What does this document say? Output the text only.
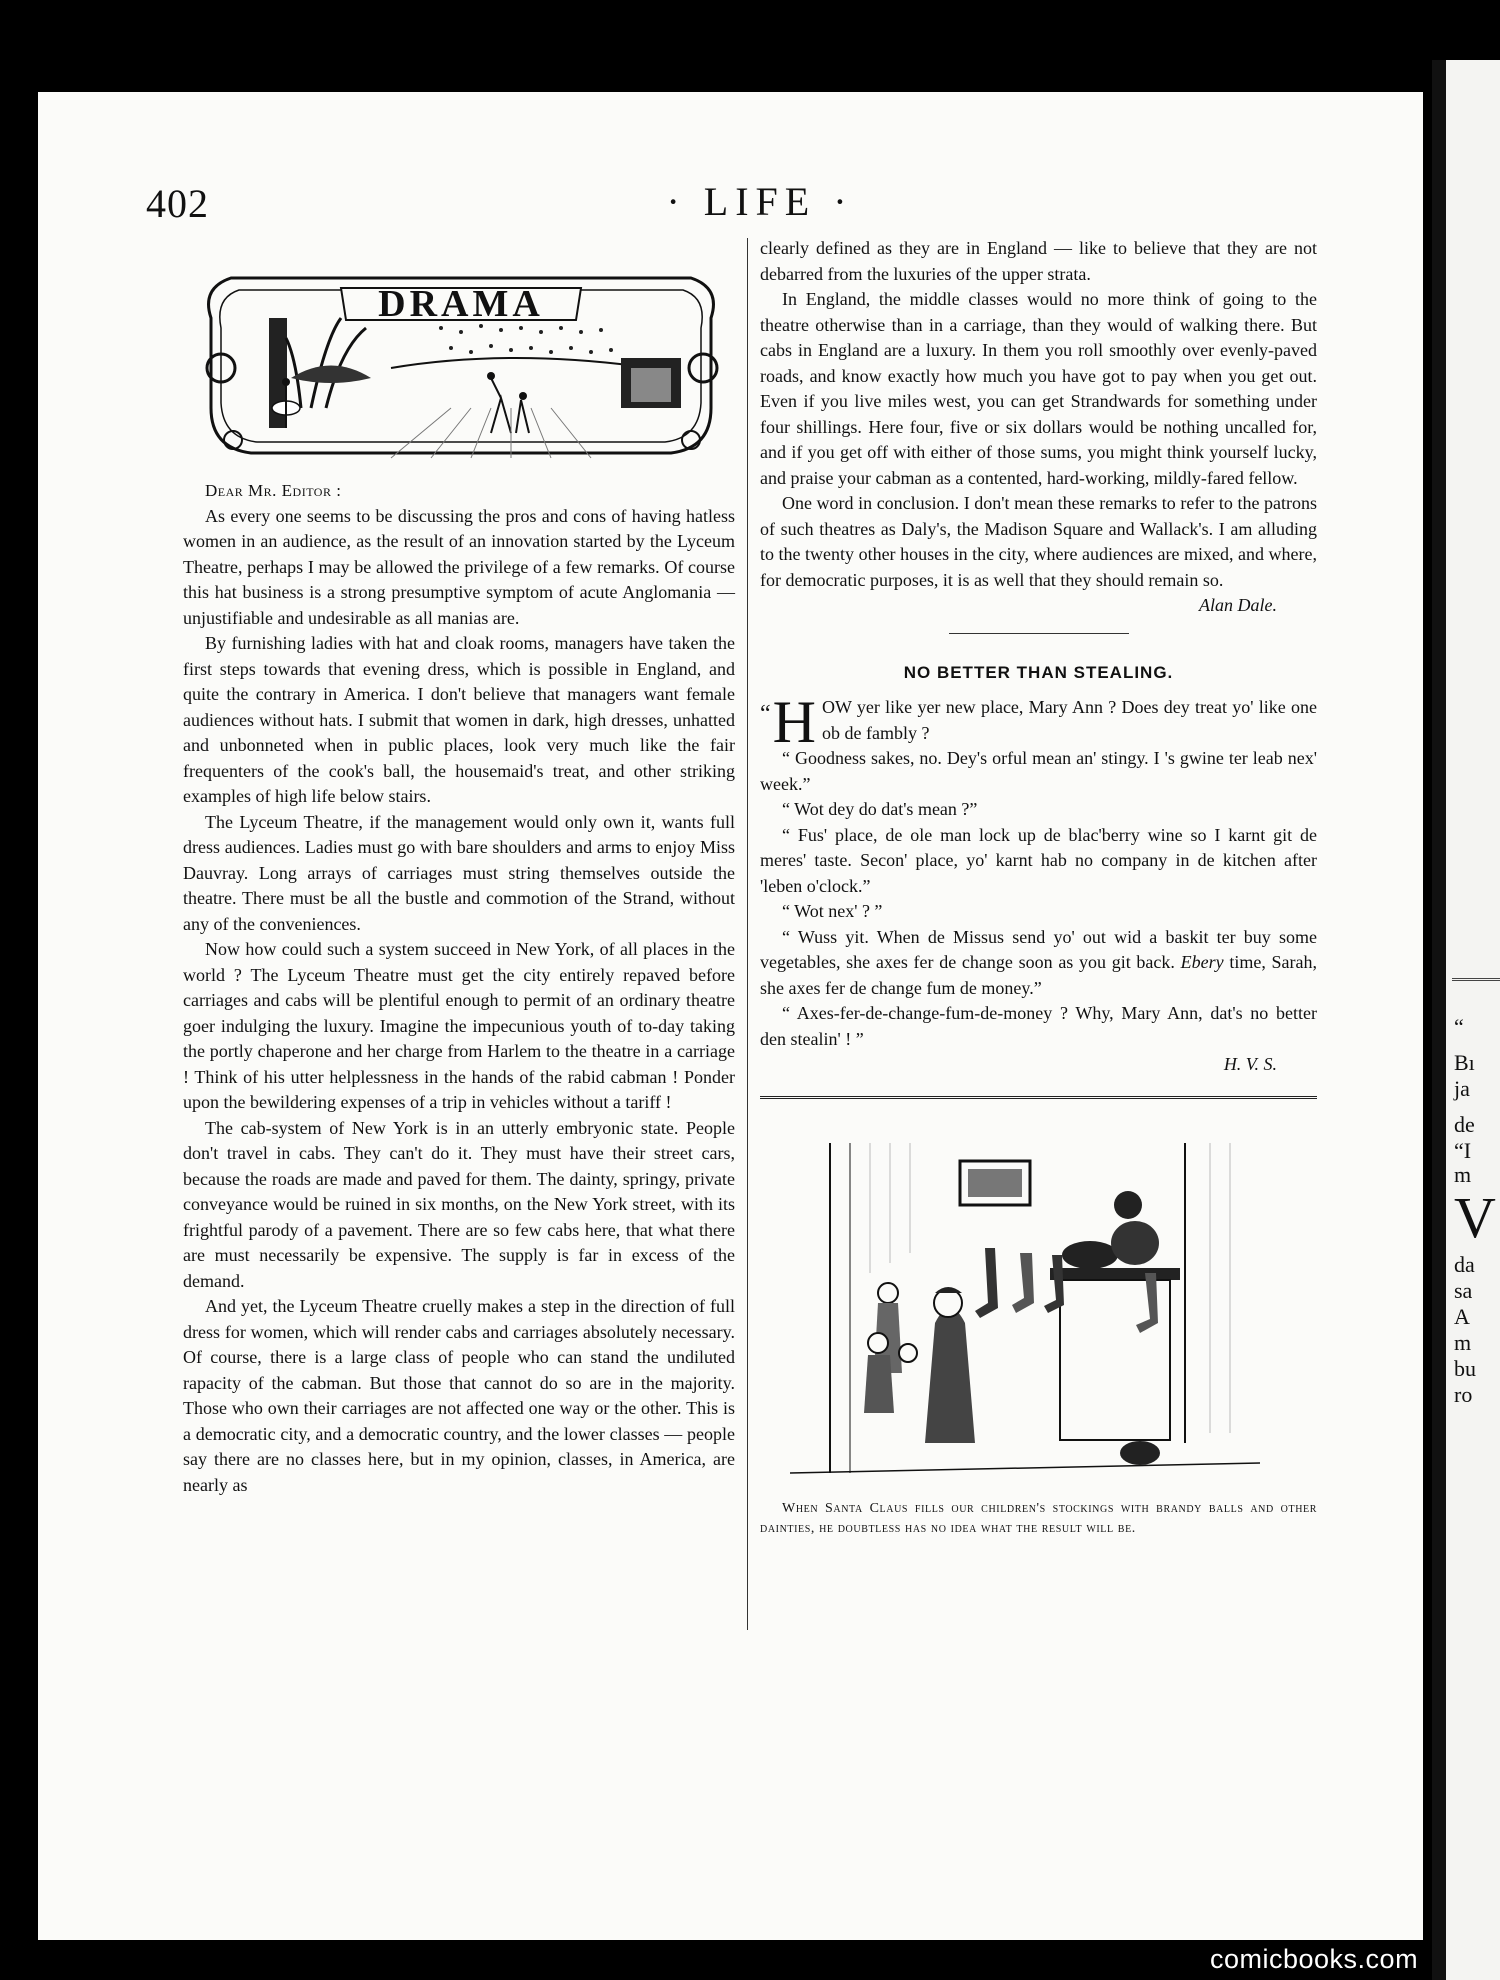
“
Bı
ja
de
“I
m
V
da
sa
A
m
bu
ro
402	· LIFE ·
DRAMA

Dear Mr. Editor :

As every one seems to be discussing the pros and cons of having hatless women in an audience, as the result of an innovation started by the Lyceum Theatre, perhaps I may be allowed the privilege of a few remarks. Of course this hat business is a strong presumptive symptom of acute Anglomania — unjustifiable and undesirable as all manias are.

By furnishing ladies with hat and cloak rooms, managers have taken the first steps towards that evening dress, which is possible in England, and quite the contrary in America. I don't believe that managers want female audiences without hats. I submit that women in dark, high dresses, unhatted and unbonneted when in public places, look very much like the fair frequenters of the cook's ball, the housemaid's treat, and other striking examples of high life below stairs.

The Lyceum Theatre, if the management would only own it, wants full dress audiences. Ladies must go with bare shoulders and arms to enjoy Miss Dauvray. Long arrays of carriages must string themselves outside the theatre. There must be all the bustle and commotion of the Strand, without any of the conveniences.

Now how could such a system succeed in New York, of all places in the world ? The Lyceum Theatre must get the city entirely repaved before carriages and cabs will be plentiful enough to permit of an ordinary theatre goer indulging the luxury. Imagine the impecunious youth of to-day taking the portly chaperone and her charge from Harlem to the theatre in a carriage ! Think of his utter helplessness in the hands of the rabid cabman ! Ponder upon the bewildering expenses of a trip in vehicles without a tariff !

The cab-system of New York is in an utterly embryonic state. People don't travel in cabs. They can't do it. They must have their street cars, because the roads are made and paved for them. The dainty, springy, private conveyance would be ruined in six months, on the New York street, with its frightful parody of a pavement. There are so few cabs here, that what there are must necessarily be expensive. The supply is far in excess of the demand.

And yet, the Lyceum Theatre cruelly makes a step in the direction of full dress for women, which will render cabs and carriages absolutely necessary. Of course, there is a large class of people who can stand the undiluted rapacity of the cabman. But those that cannot do so are in the majority. Those who own their carriages are not affected one way or the other. This is a democratic city, and a democratic country, and the lower classes — people say there are no classes here, but in my opinion, classes, in America, are nearly as

clearly defined as they are in England — like to believe that they are not debarred from the luxuries of the upper strata.

In England, the middle classes would no more think of going to the theatre otherwise than in a carriage, than they would of walking there. But cabs in England are a luxury. In them you roll smoothly over evenly-paved roads, and know exactly how much you have got to pay when you get out. Even if you live miles west, you can get Strandwards for something under four shillings. Here four, five or six dollars would be nothing uncalled for, and if you get off with either of those sums, you might think yourself lucky, and praise your cabman as a contented, hard-working, mildly-fared fellow.

One word in conclusion. I don't mean these remarks to refer to the patrons of such theatres as Daly's, the Madison Square and Wallack's. I am alluding to the twenty other houses in the city, where audiences are mixed, and where, for democratic purposes, it is as well that they should remain so.

Alan Dale.

NO BETTER THAN STEALING.

“ H OW yer like yer new place, Mary Ann ? Does dey treat yo' like one ob de fambly ?

“ Goodness sakes, no. Dey's orful mean an' stingy. I 's gwine ter leab nex' week.”

“ Wot dey do dat's mean ?”

“ Fus' place, de ole man lock up de blac'berry wine so I karnt git de meres' taste. Secon' place, yo' karnt hab no company in de kitchen after 'leben o'clock.”

“ Wot nex' ? ”

“ Wuss yit. When de Missus send yo' out wid a baskit ter buy some vegetables, she axes fer de change soon as you git back. Ebery time, Sarah, she axes fer de change fum de money.”

“ Axes-fer-de-change-fum-de-money ? Why, Mary Ann, dat's no better den stealin' ! ”

H. V. S.

When Santa Claus fills our children's stockings with brandy balls and other dainties, he doubtless has no idea what the result will be.

comicbooks.com
